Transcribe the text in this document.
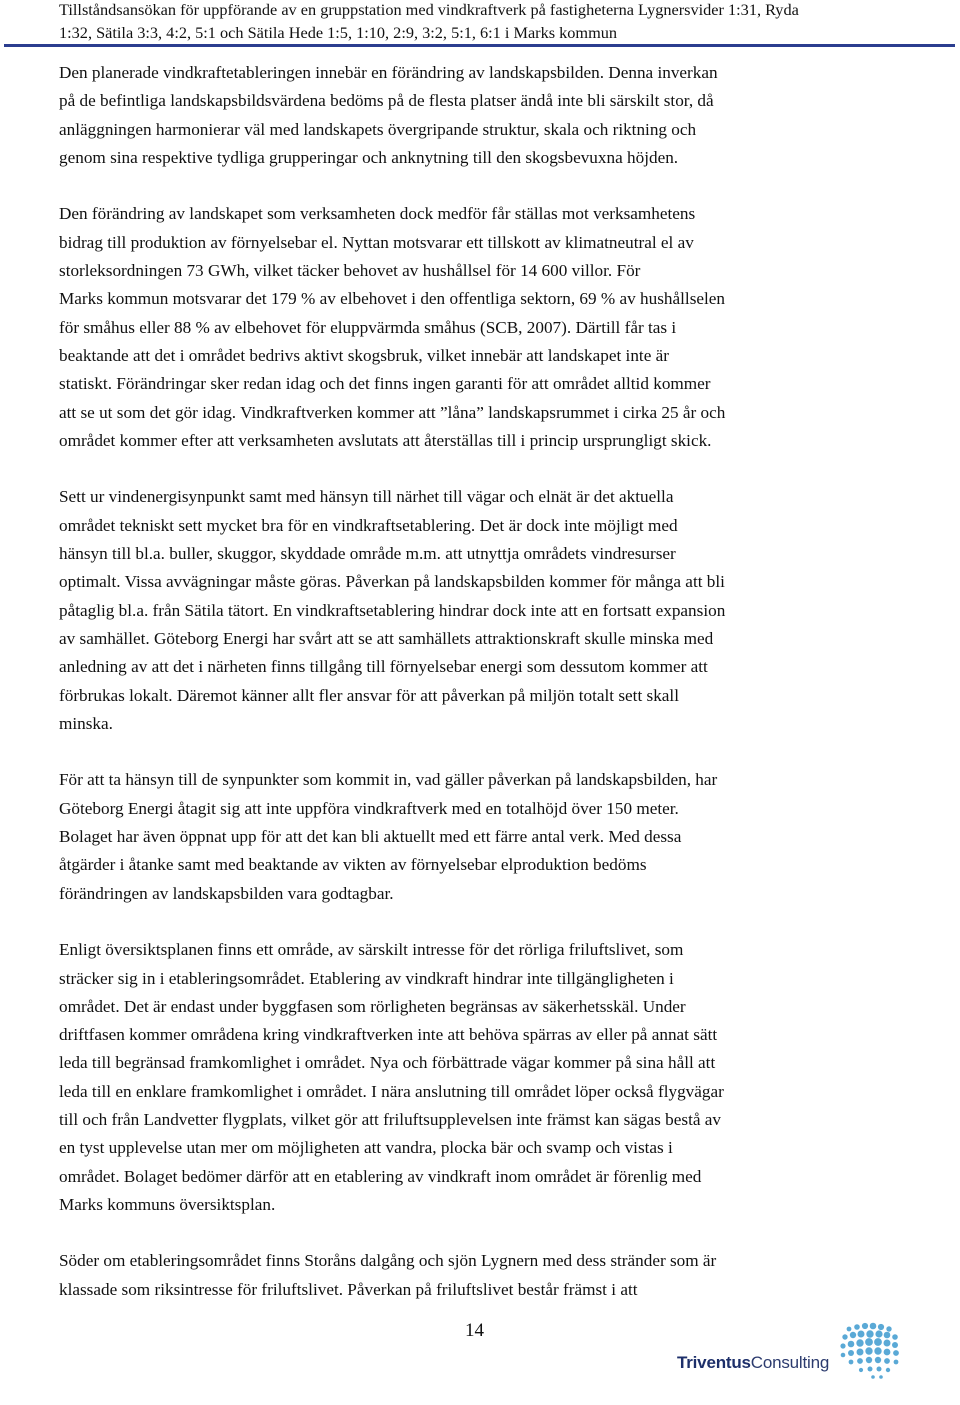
Tillståndsansökan för uppförande av en gruppstation med vindkraftverk på fastigheterna Lygnersvider 1:31, Ryda
1:32, Sätila 3:3, 4:2, 5:1 och Sätila Hede 1:5, 1:10, 2:9, 3:2, 5:1, 6:1 i Marks kommun

Den planerade vindkraftetableringen innebär en förändring av landskapsbilden. Denna inverkan
på de befintliga landskapsbildsvärdena bedöms på de flesta platser ändå inte bli särskilt stor, då
anläggningen harmonierar väl med landskapets övergripande struktur, skala och riktning och
genom sina respektive tydliga grupperingar och anknytning till den skogsbevuxna höjden.

Den förändring av landskapet som verksamheten dock medför får ställas mot verksamhetens
bidrag till produktion av förnyelsebar el. Nyttan motsvarar ett tillskott av klimatneutral el av
storleksordningen 73 GWh, vilket täcker behovet av hushållsel för 14 600 villor. För
Marks kommun motsvarar det 179 % av elbehovet i den offentliga sektorn, 69 % av hushållselen
för småhus eller 88 % av elbehovet för eluppvärmda småhus (SCB, 2007). Därtill får tas i
beaktande att det i området bedrivs aktivt skogsbruk, vilket innebär att landskapet inte är
statiskt. Förändringar sker redan idag och det finns ingen garanti för att området alltid kommer
att se ut som det gör idag. Vindkraftverken kommer att ”låna” landskapsrummet i cirka 25 år och
området kommer efter att verksamheten avslutats att återställas till i princip ursprungligt skick.

Sett ur vindenergisynpunkt samt med hänsyn till närhet till vägar och elnät är det aktuella
området tekniskt sett mycket bra för en vindkraftsetablering. Det är dock inte möjligt med
hänsyn till bl.a. buller, skuggor, skyddade område m.m. att utnyttja områdets vindresurser
optimalt. Vissa avvägningar måste göras. Påverkan på landskapsbilden kommer för många att bli
påtaglig bl.a. från Sätila tätort. En vindkraftsetablering hindrar dock inte att en fortsatt expansion
av samhället. Göteborg Energi har svårt att se att samhällets attraktionskraft skulle minska med
anledning av att det i närheten finns tillgång till förnyelsebar energi som dessutom kommer att
förbrukas lokalt. Däremot känner allt fler ansvar för att påverkan på miljön totalt sett skall
minska.

För att ta hänsyn till de synpunkter som kommit in, vad gäller påverkan på landskapsbilden, har
Göteborg Energi åtagit sig att inte uppföra vindkraftverk med en totalhöjd över 150 meter.
Bolaget har även öppnat upp för att det kan bli aktuellt med ett färre antal verk. Med dessa
åtgärder i åtanke samt med beaktande av vikten av förnyelsebar elproduktion bedöms
förändringen av landskapsbilden vara godtagbar.

Enligt översiktsplanen finns ett område, av särskilt intresse för det rörliga friluftslivet, som
sträcker sig in i etableringsområdet. Etablering av vindkraft hindrar inte tillgängligheten i
området. Det är endast under byggfasen som rörligheten begränsas av säkerhetsskäl. Under
driftfasen kommer områdena kring vindkraftverken inte att behöva spärras av eller på annat sätt
leda till begränsad framkomlighet i området. Nya och förbättrade vägar kommer på sina håll att
leda till en enklare framkomlighet i området. I nära anslutning till området löper också flygvägar
till och från Landvetter flygplats, vilket gör att friluftsupplevelsen inte främst kan sägas bestå av
en tyst upplevelse utan mer om möjligheten att vandra, plocka bär och svamp och vistas i
området. Bolaget bedömer därför att en etablering av vindkraft inom området är förenlig med
Marks kommuns översiktsplan.

Söder om etableringsområdet finns Storåns dalgång och sjön Lygnern med dess stränder som är
klassade som riksintresse för friluftslivet. Påverkan på friluftslivet består främst i att

14
TriventusConsulting
